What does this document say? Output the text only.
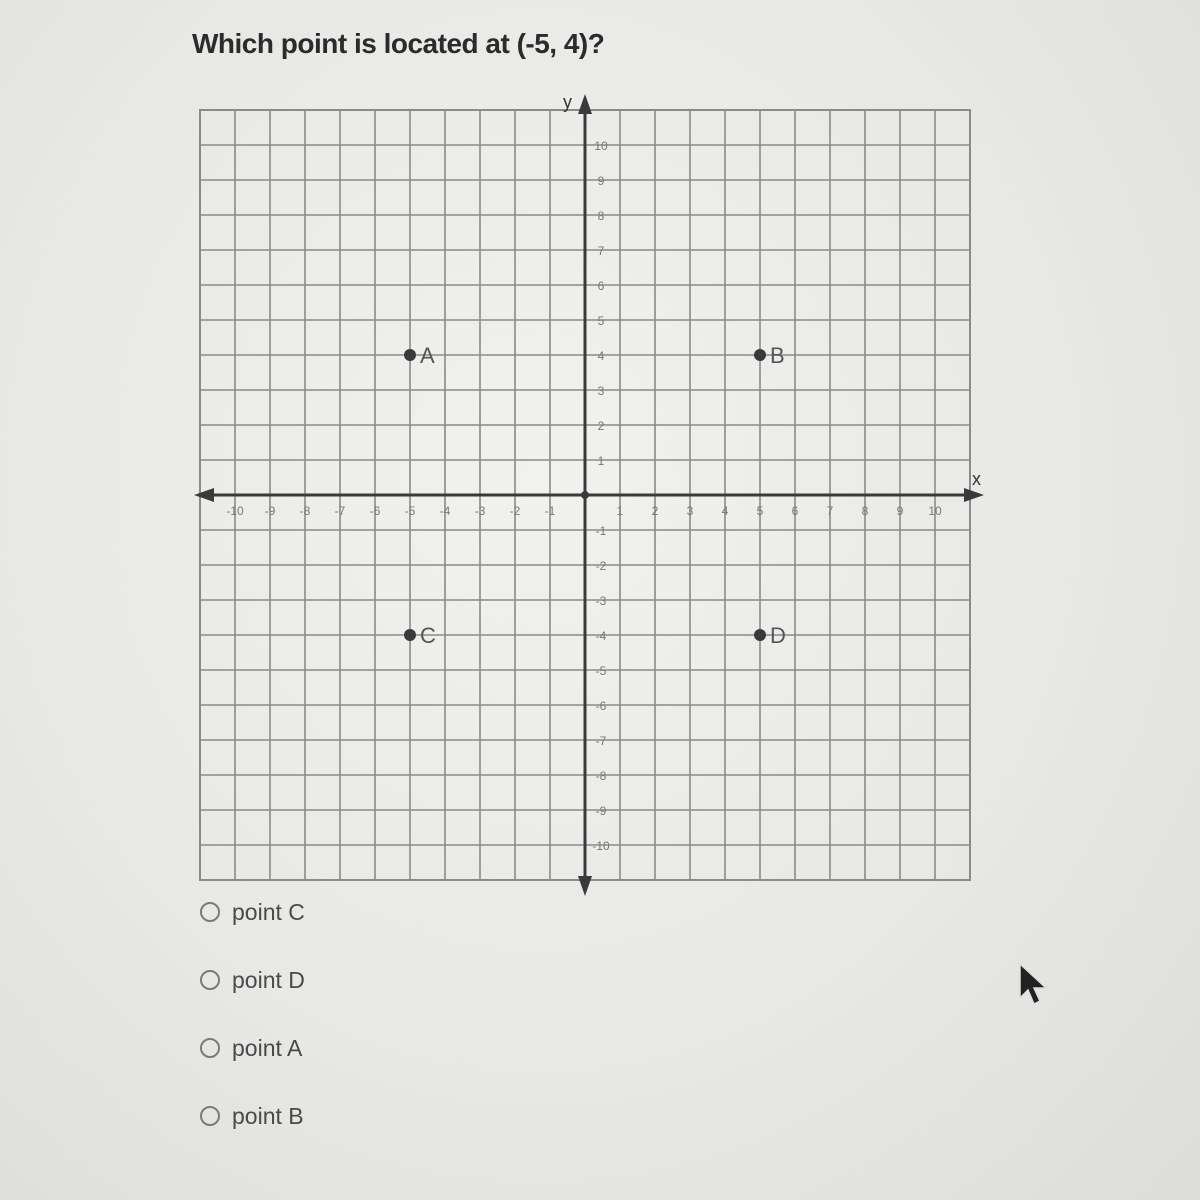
Which point is located at (-5, 4)?
x
y
-10
-10
-9
-9
-8
-8
-7
-7
-6
-6
-5
-5
-4
-4
-3
-3
-2
-2
-1
-1
1
1
2
2
3
3
4
4
5
5
6
6
7
7
8
8
9
9
10
10
A	B
C	D
point C
point D
point A
point B
